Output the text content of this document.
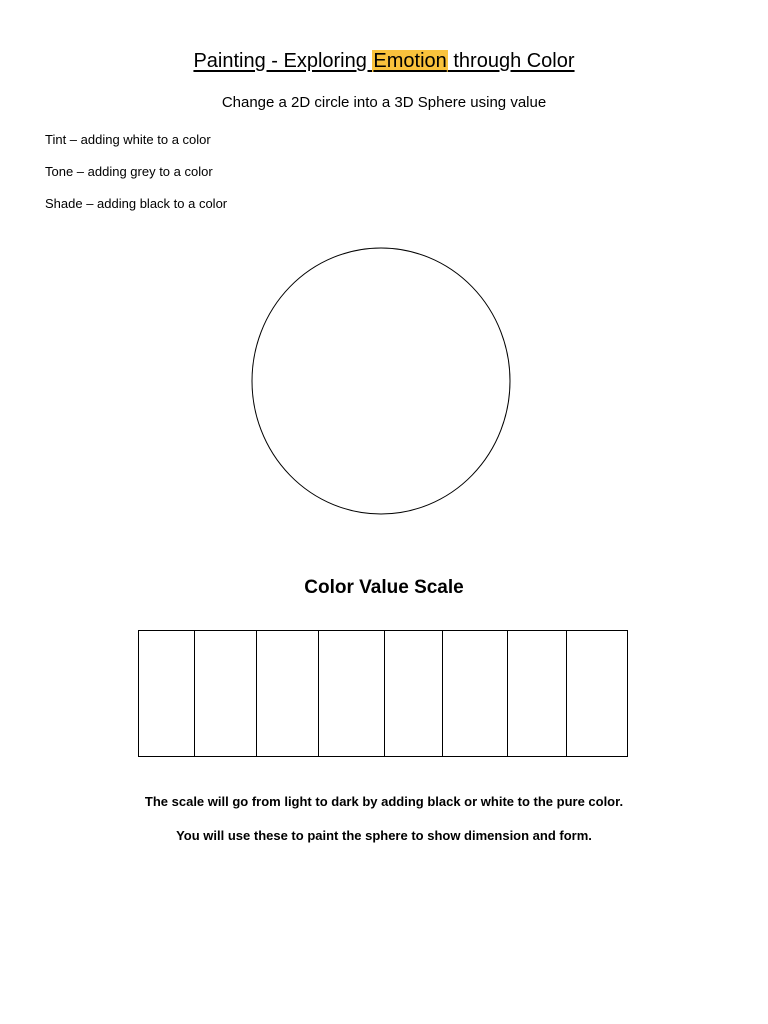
Painting - Exploring Emotion through Color
Change a 2D circle into a 3D Sphere using value
Tint – adding white to a color
Tone – adding grey to a color
Shade – adding black to a color
Color Value Scale
The scale will go from light to dark by adding black or white to the pure color.
You will use these to paint the sphere to show dimension and form.
